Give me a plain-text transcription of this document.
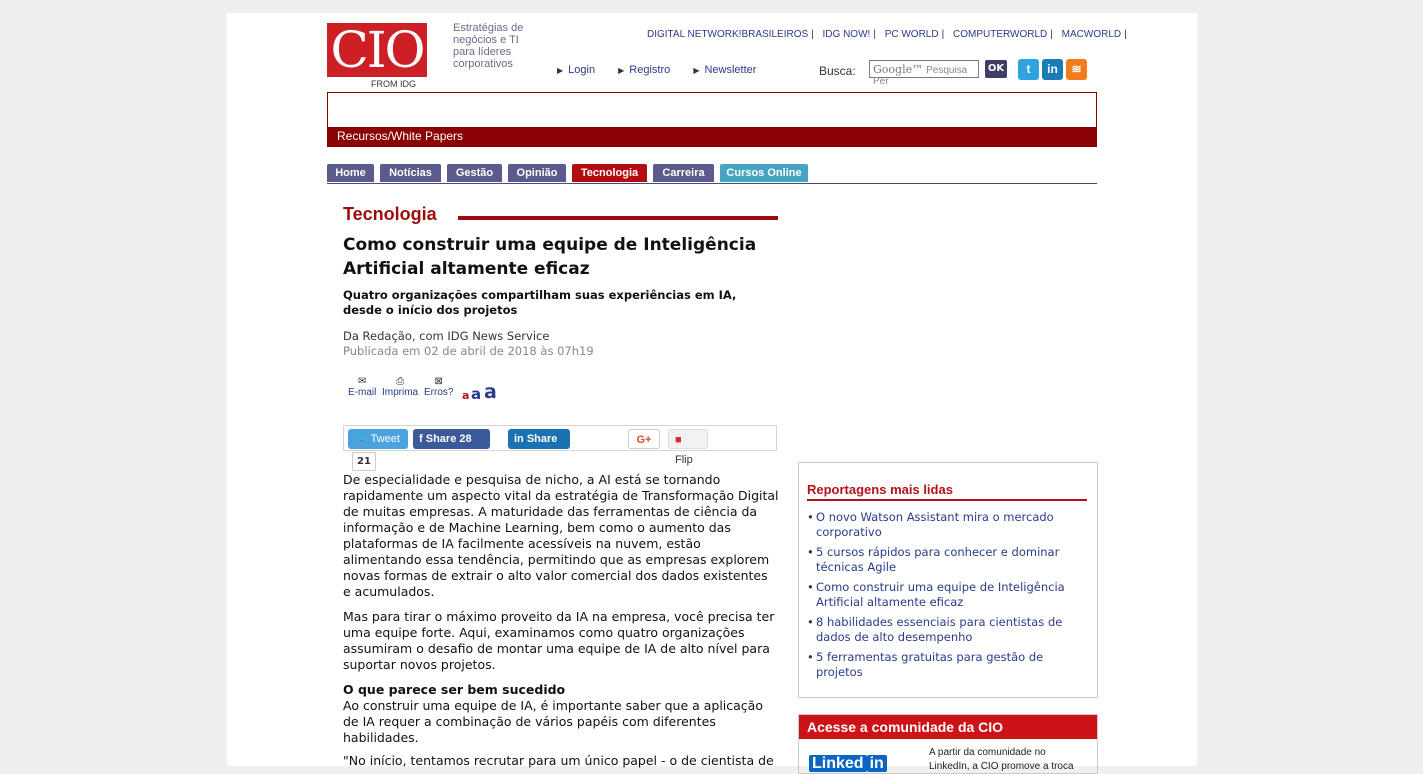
CIO
FROM IDG
Estratégias de negócios e TI para líderes corporativos
DIGITAL NETWORK!BRASILEIROS | IDG NOW! | PC WORLD | COMPUTERWORLD | MACWORLD |
▶ Login	▶ Registro	▶ Newsletter	Busca:	Google™ Pesquisa Per
OK	t	in	≋
Recursos/White Papers
Home	Notícias	Gestão	Opinião	Tecnologia	Carreira	Cursos Online
Tecnologia
Como construir uma equipe de Inteligência Artificial altamente eficaz
Quatro organizações compartilham suas experiências em IA, desde o início dos projetos
Da Redação, com IDG News Service
Publicada em 02 de abril de 2018 às 07h19
✉
E-mail
⎙
Imprima
⊠
Erros? a a a
🐦 Tweet	f Share 28	in Share	G+	■ Flip
21
De especialidade e pesquisa de nicho, a AI está se tornando rapidamente um aspecto vital da estratégia de Transformação Digital de muitas empresas. A maturidade das ferramentas de ciência da informação e de Machine Learning, bem como o aumento das plataformas de IA facilmente acessíveis na nuvem, estão alimentando essa tendência, permitindo que as empresas explorem novas formas de extrair o alto valor comercial dos dados existentes e acumulados.
Mas para tirar o máximo proveito da IA na empresa, você precisa ter uma equipe forte. Aqui, examinamos como quatro organizações assumiram o desafio de montar uma equipe de IA de alto nível para suportar novos projetos.
O que parece ser bem sucedido
Ao construir uma equipe de IA, é importante saber que a aplicação de IA requer a combinação de vários papéis com diferentes habilidades.
"No início, tentamos recrutar para um único papel - o de cientista de
Reportagens mais lidas
• O novo Watson Assistant mira o mercado corporativo
• 5 cursos rápidos para conhecer e dominar técnicas Agile
• Como construir uma equipe de Inteligência Artificial altamente eficaz
• 8 habilidades essenciais para cientistas de dados de alto desempenho
• 5 ferramentas gratuitas para gestão de projetos
Acesse a comunidade da CIO
Linked in
A partir da comunidade no LinkedIn, a CIO promove a troca
